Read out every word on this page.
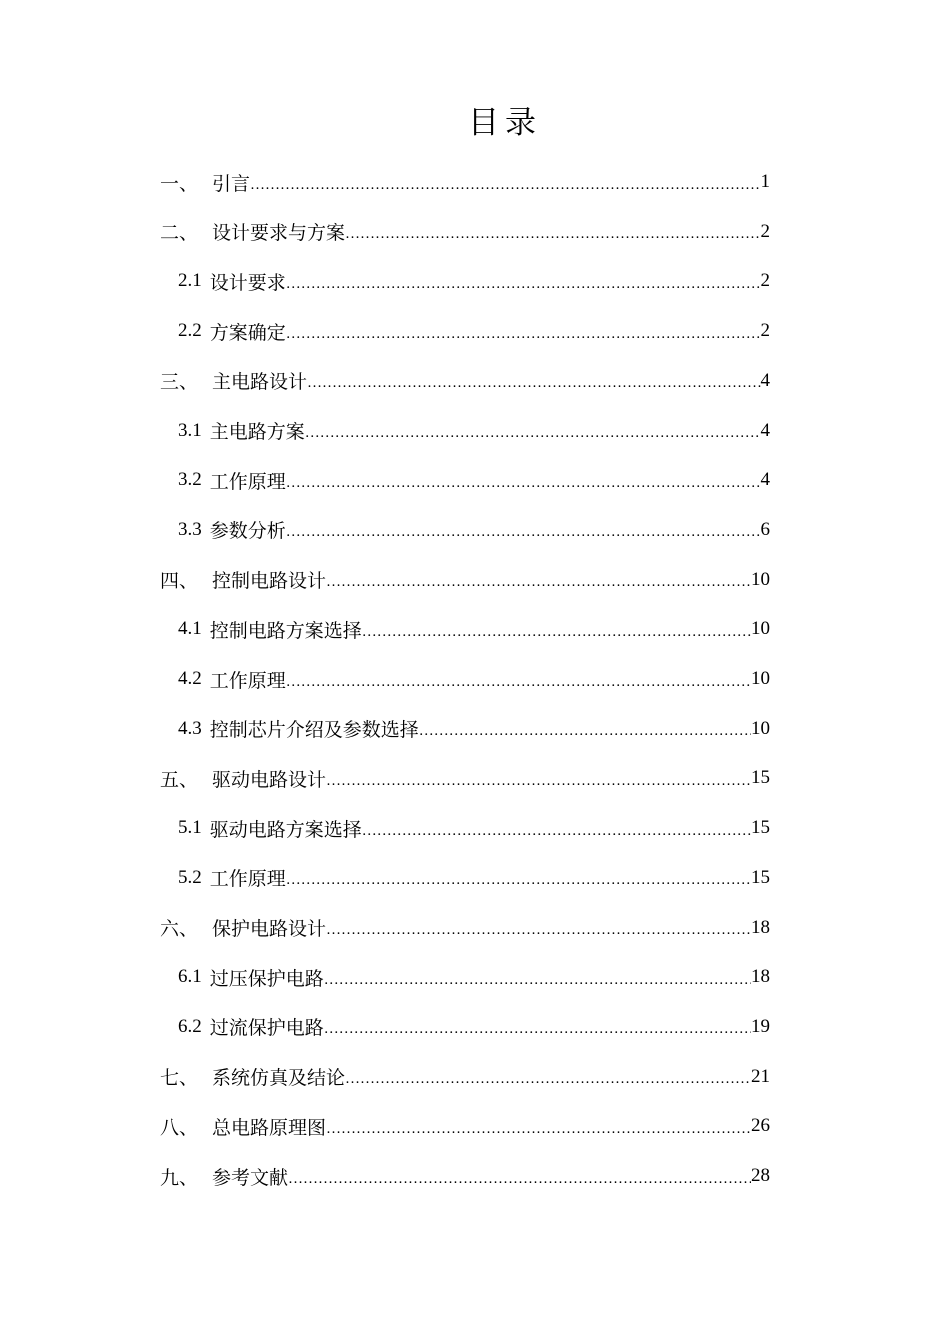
目录
一、 引言 ……………………………………………………………………………………………………………………………	1
二、 设计要求与方案 ……………………………………………………………………………………………………………………………	2
2.1 设计要求 ……………………………………………………………………………………………………………………………	2
2.2 方案确定 ……………………………………………………………………………………………………………………………	2
三、 主电路设计 ……………………………………………………………………………………………………………………………	4
3.1 主电路方案 ……………………………………………………………………………………………………………………………	4
3.2 工作原理 ……………………………………………………………………………………………………………………………	4
3.3 参数分析 ……………………………………………………………………………………………………………………………	6
四、 控制电路设计 ……………………………………………………………………………………………………………………………	10
4.1 控制电路方案选择 ……………………………………………………………………………………………………………………………	10
4.2 工作原理 ……………………………………………………………………………………………………………………………	10
4.3 控制芯片介绍及参数选择 ……………………………………………………………………………………………………………………………	10
五、 驱动电路设计 ……………………………………………………………………………………………………………………………	15
5.1 驱动电路方案选择 ……………………………………………………………………………………………………………………………	15
5.2 工作原理 ……………………………………………………………………………………………………………………………	15
六、 保护电路设计 ……………………………………………………………………………………………………………………………	18
6.1 过压保护电路 ……………………………………………………………………………………………………………………………	18
6.2 过流保护电路 ……………………………………………………………………………………………………………………………	19
七、 系统仿真及结论 ……………………………………………………………………………………………………………………………	21
八、 总电路原理图 ……………………………………………………………………………………………………………………………	26
九、 参考文献 ……………………………………………………………………………………………………………………………	28
